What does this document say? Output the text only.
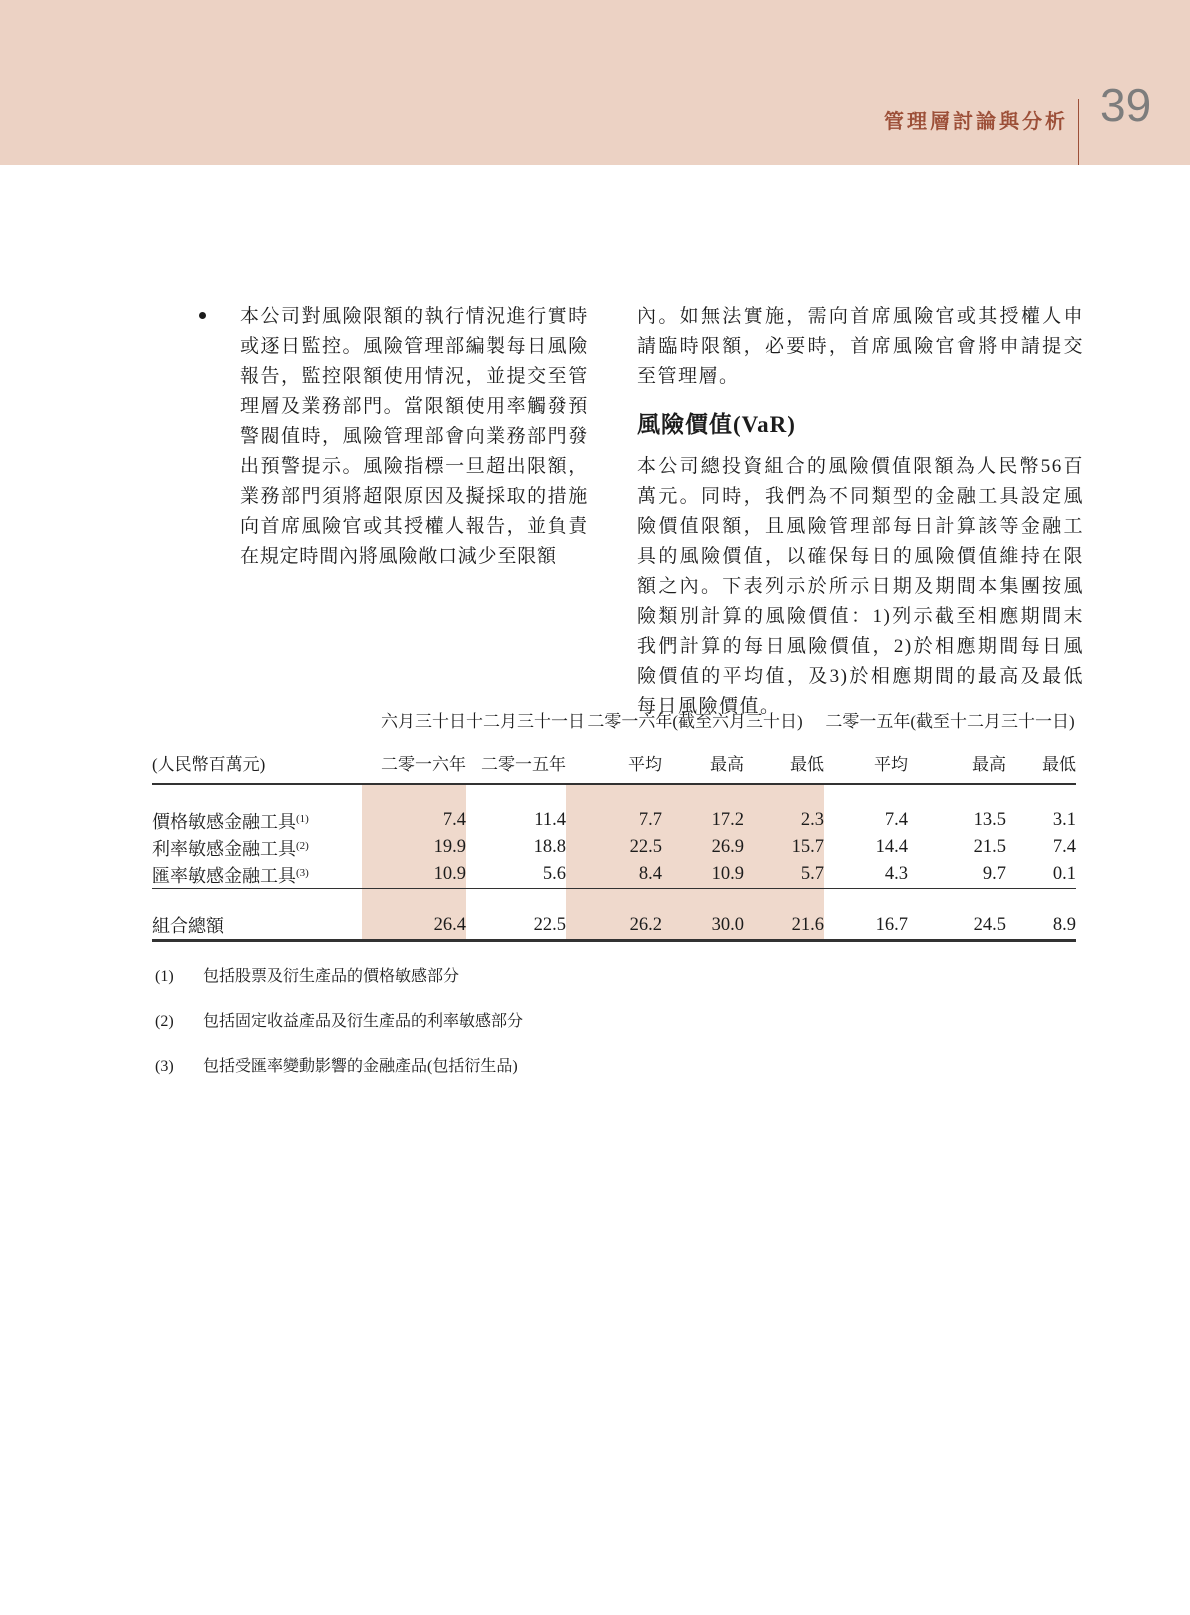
管理層討論與分析 39
本公司對風險限額的執行情況進行實時或逐日監控。風險管理部編製每日風險報告，監控限額使用情況，並提交至管理層及業務部門。當限額使用率觸發預警閥值時，風險管理部會向業務部門發出預警提示。風險指標一旦超出限額，業務部門須將超限原因及擬採取的措施向首席風險官或其授權人報告，並負責在規定時間內將風險敞口減少至限額
內。如無法實施，需向首席風險官或其授權人申請臨時限額，必要時，首席風險官會將申請提交至管理層。
風險價值(VaR)
本公司總投資組合的風險價值限額為人民幣56百萬元。同時，我們為不同類型的金融工具設定風險價值限額，且風險管理部每日計算該等金融工具的風險價值，以確保每日的風險價值維持在限額之內。下表列示於所示日期及期間本集團按風險類別計算的風險價值：1)列示截至相應期間末我們計算的每日風險價值，2)於相應期間每日風險價值的平均值，及3)於相應期間的最高及最低每日風險價值。
	六月三十日	十二月三十一日	二零一六年(截至六月三十日)			二零一五年(截至十二月三十一日)		
(人民幣百萬元)	二零一六年	二零一五年	平均	最高	最低	平均	最高	最低

價格敏感金融工具$^{(1)}$	7.4	11.4	7.7	17.2	2.3	7.4	13.5	3.1
利率敏感金融工具$^{(2)}$	19.9	18.8	22.5	26.9	15.7	14.4	21.5	7.4
匯率敏感金融工具$^{(3)}$	10.9	5.6	8.4	10.9	5.7	4.3	9.7	0.1

組合總額	26.4	22.5	26.2	30.0	21.6	16.7	24.5	8.9
(1)	包括股票及衍生產品的價格敏感部分
(2)	包括固定收益產品及衍生產品的利率敏感部分
(3)	包括受匯率變動影響的金融產品(包括衍生品)
